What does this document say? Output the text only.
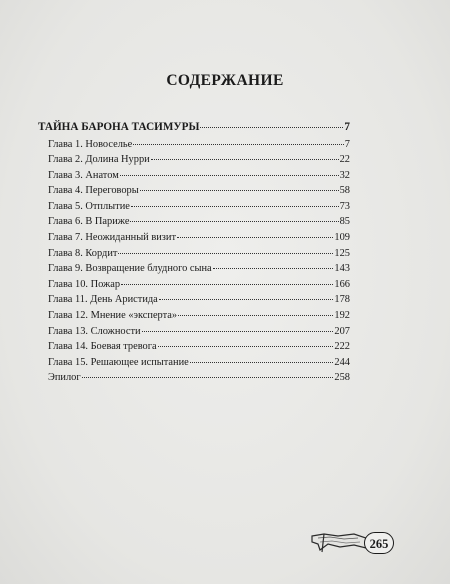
СОДЕРЖАНИЕ
ТАЙНА БАРОНА ТАСИМУРЫ	7
Глава 1. Новоселье	7
Глава 2. Долина Нурри	22
Глава 3. Анатом	32
Глава 4. Переговоры	58
Глава 5. Отплытие	73
Глава 6. В Париже	85
Глава 7. Неожиданный визит	109
Глава 8. Кордит	125
Глава 9. Возвращение блудного сына	143
Глава 10. Пожар	166
Глава 11. День Аристида	178
Глава 12. Мнение «эксперта»	192
Глава 13. Сложности	207
Глава 14. Боевая тревога	222
Глава 15. Решающее испытание	244
Эпилог	258
265
